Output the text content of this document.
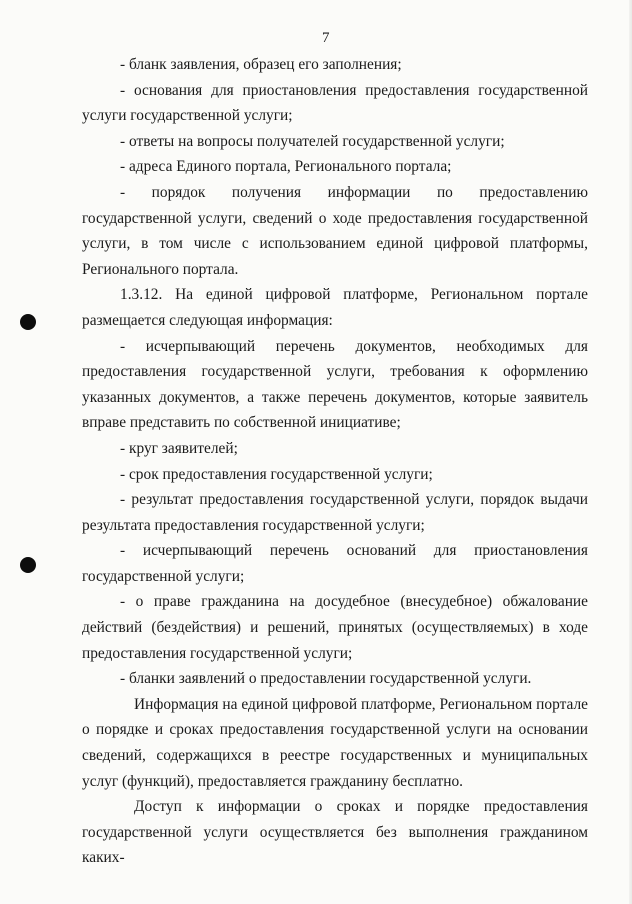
7

- бланк заявления, образец его заполнения;

- основания для приостановления предоставления государственной услуги государственной услуги;

- ответы на вопросы получателей государственной услуги;

- адреса Единого портала, Регионального портала;

- порядок получения информации по предоставлению государственной услуги, сведений о ходе предоставления государственной услуги, в том числе с использованием единой цифровой платформы, Регионального портала.

1.3.12. На единой цифровой платформе, Региональном портале размещается следующая информация:

- исчерпывающий перечень документов, необходимых для предоставления государственной услуги, требования к оформлению указанных документов, а также перечень документов, которые заявитель вправе представить по собственной инициативе;

- круг заявителей;

- срок предоставления государственной услуги;

- результат предоставления государственной услуги, порядок выдачи результата предоставления государственной услуги;

- исчерпывающий перечень оснований для приостановления государственной услуги;

- о праве гражданина на досудебное (внесудебное) обжалование действий (бездействия) и решений, принятых (осуществляемых) в ходе предоставления государственной услуги;

- бланки заявлений о предоставлении государственной услуги.

Информация на единой цифровой платформе, Региональном портале о порядке и сроках предоставления государственной услуги на основании сведений, содержащихся в реестре государственных и муниципальных услуг (функций), предоставляется гражданину бесплатно.

Доступ к информации о сроках и порядке предоставления государственной услуги осуществляется без выполнения гражданином каких-
